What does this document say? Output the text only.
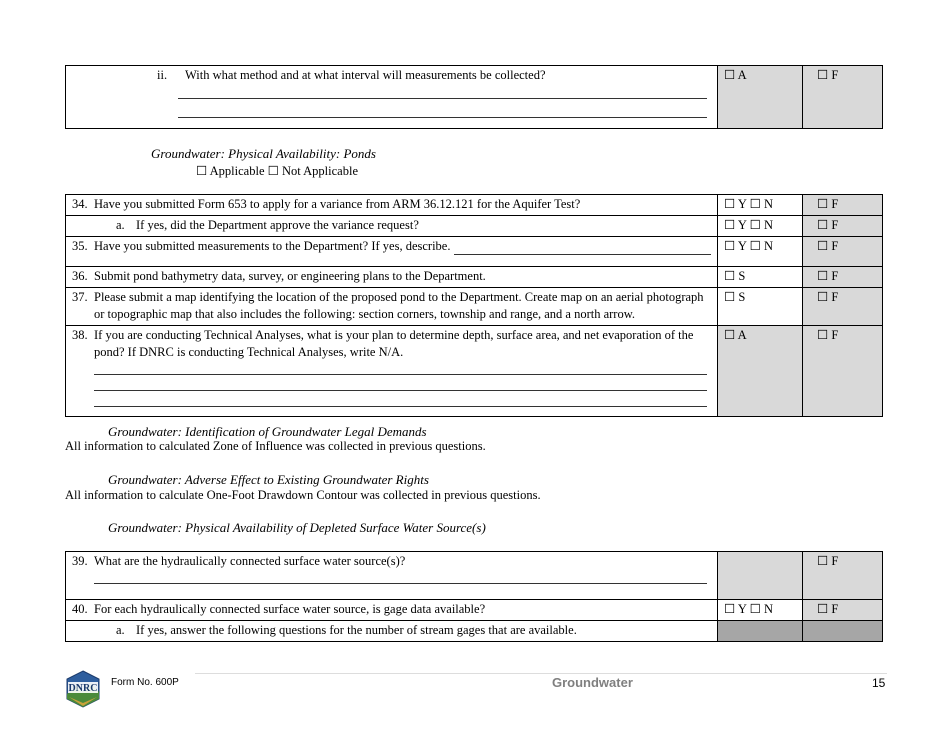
ii.	With what method and at what interval will measurements be collected?	☐ A	☐ F
Groundwater: Physical Availability: Ponds
☐ Applicable ☐ Not Applicable
34. Have you submitted Form 653 to apply for a variance from ARM 36.12.121 for the Aquifer Test?	☐ Y ☐ N	☐ F

a. If yes, did the Department approve the variance request?	☐ Y ☐ N	☐ F

35. Have you submitted measurements to the Department? If yes, describe.	☐ Y ☐ N	☐ F
36. Submit pond bathymetry data, survey, or engineering plans to the Department.	☐ S	☐ F

37. Please submit a map identifying the location of the proposed pond to the Department. Create map on an aerial photograph or topographic map that also includes the following: section corners, township and range, and a north arrow.	☐ S	☐ F

38. If you are conducting Technical Analyses, what is your plan to determine depth, surface area, and net evaporation of the pond? If DNRC is conducting Technical Analyses, write N/A.	☐ A	☐ F
Groundwater: Identification of Groundwater Legal Demands
All information to calculated Zone of Influence was collected in previous questions.
Groundwater: Adverse Effect to Existing Groundwater Rights
All information to calculate One-Foot Drawdown Contour was collected in previous questions.
Groundwater: Physical Availability of Depleted Surface Water Source(s)
39. What are the hydraulically connected surface water source(s)?		☐ F
40. For each hydraulically connected surface water source, is gage data available?	☐ Y ☐ N	☐ F

a. If yes, answer the following questions for the number of stream gages that are available.		

DNRC
Form No. 600P	Groundwater	15
